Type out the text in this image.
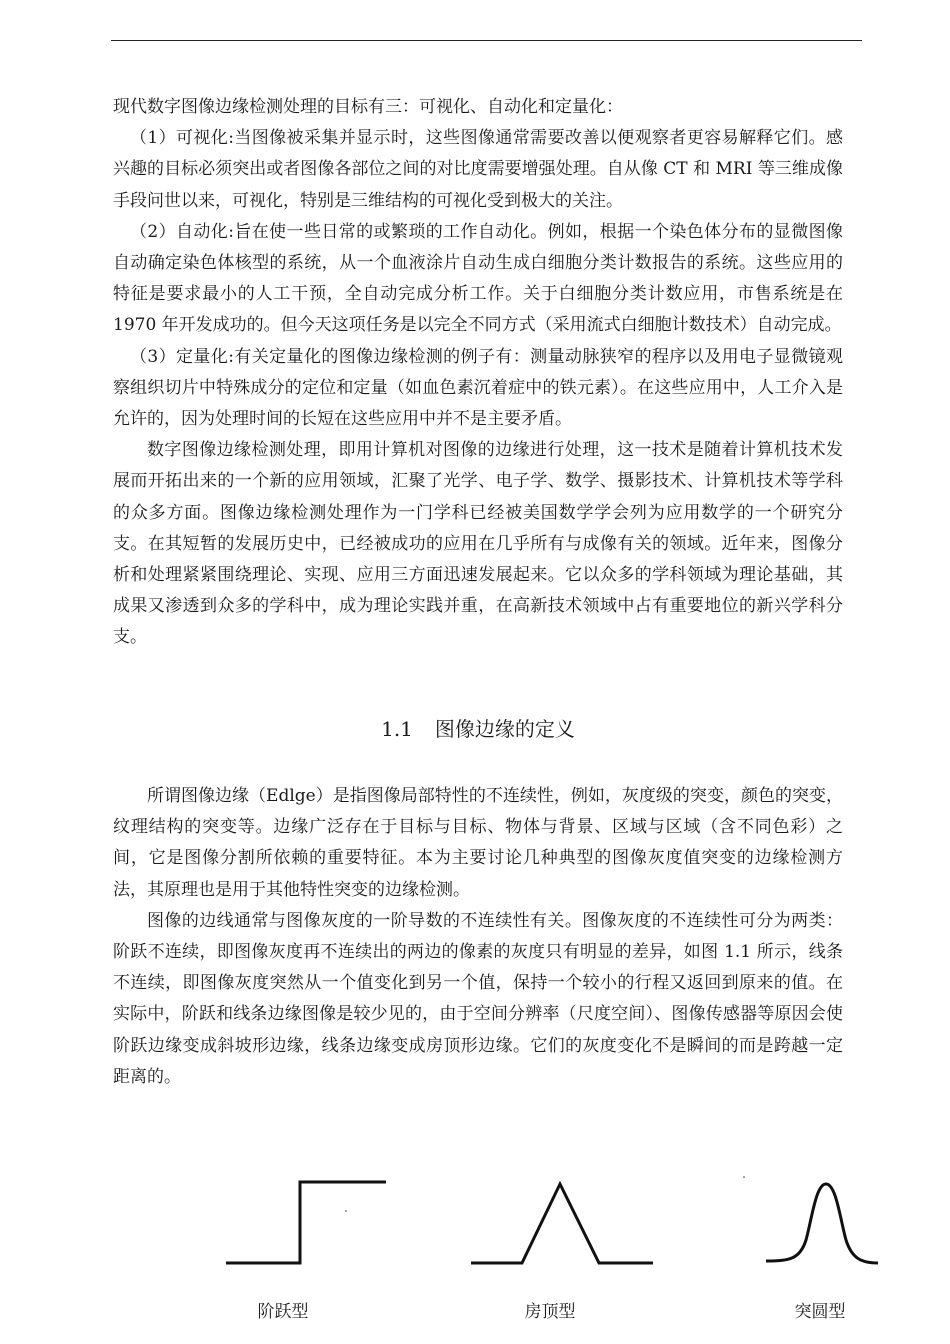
现代数字图像边缘检测处理的目标有三：可视化、自动化和定量化：

（1）可视化:当图像被采集并显示时，这些图像通常需要改善以便观察者更容易解释它们。感兴趣的目标必须突出或者图像各部位之间的对比度需要增强处理。自从像 CT 和 MRI 等三维成像手段问世以来，可视化，特别是三维结构的可视化受到极大的关注。

（2）自动化:旨在使一些日常的或繁琐的工作自动化。例如，根据一个染色体分布的显微图像自动确定染色体核型的系统，从一个血液涂片自动生成白细胞分类计数报告的系统。这些应用的特征是要求最小的人工干预，全自动完成分析工作。关于白细胞分类计数应用，市售系统是在 1970 年开发成功的。但今天这项任务是以完全不同方式（采用流式白细胞计数技术）自动完成。

（3）定量化:有关定量化的图像边缘检测的例子有：测量动脉狭窄的程序以及用电子显微镜观察组织切片中特殊成分的定位和定量（如血色素沉着症中的铁元素）。在这些应用中，人工介入是允许的，因为处理时间的长短在这些应用中并不是主要矛盾。

数字图像边缘检测处理，即用计算机对图像的边缘进行处理，这一技术是随着计算机技术发展而开拓出来的一个新的应用领域，汇聚了光学、电子学、数学、摄影技术、计算机技术等学科的众多方面。图像边缘检测处理作为一门学科已经被美国数学学会列为应用数学的一个研究分支。在其短暂的发展历史中，已经被成功的应用在几乎所有与成像有关的领域。近年来，图像分析和处理紧紧围绕理论、实现、应用三方面迅速发展起来。它以众多的学科领域为理论基础，其成果又渗透到众多的学科中，成为理论实践并重，在高新技术领域中占有重要地位的新兴学科分支。

1.1 图像边缘的定义

所谓图像边缘（Edlge）是指图像局部特性的不连续性，例如，灰度级的突变，颜色的突变，纹理结构的突变等。边缘广泛存在于目标与目标、物体与背景、区域与区域（含不同色彩）之间，它是图像分割所依赖的重要特征。本为主要讨论几种典型的图像灰度值突变的边缘检测方法，其原理也是用于其他特性突变的边缘检测。

图像的边线通常与图像灰度的一阶导数的不连续性有关。图像灰度的不连续性可分为两类：阶跃不连续，即图像灰度再不连续出的两边的像素的灰度只有明显的差异，如图 1.1 所示，线条不连续，即图像灰度突然从一个值变化到另一个值，保持一个较小的行程又返回到原来的值。在实际中，阶跃和线条边缘图像是较少见的，由于空间分辨率（尺度空间）、图像传感器等原因会使阶跃边缘变成斜坡形边缘，线条边缘变成房顶形边缘。它们的灰度变化不是瞬间的而是跨越一定距离的。

阶跃型	房顶型	突圆型
